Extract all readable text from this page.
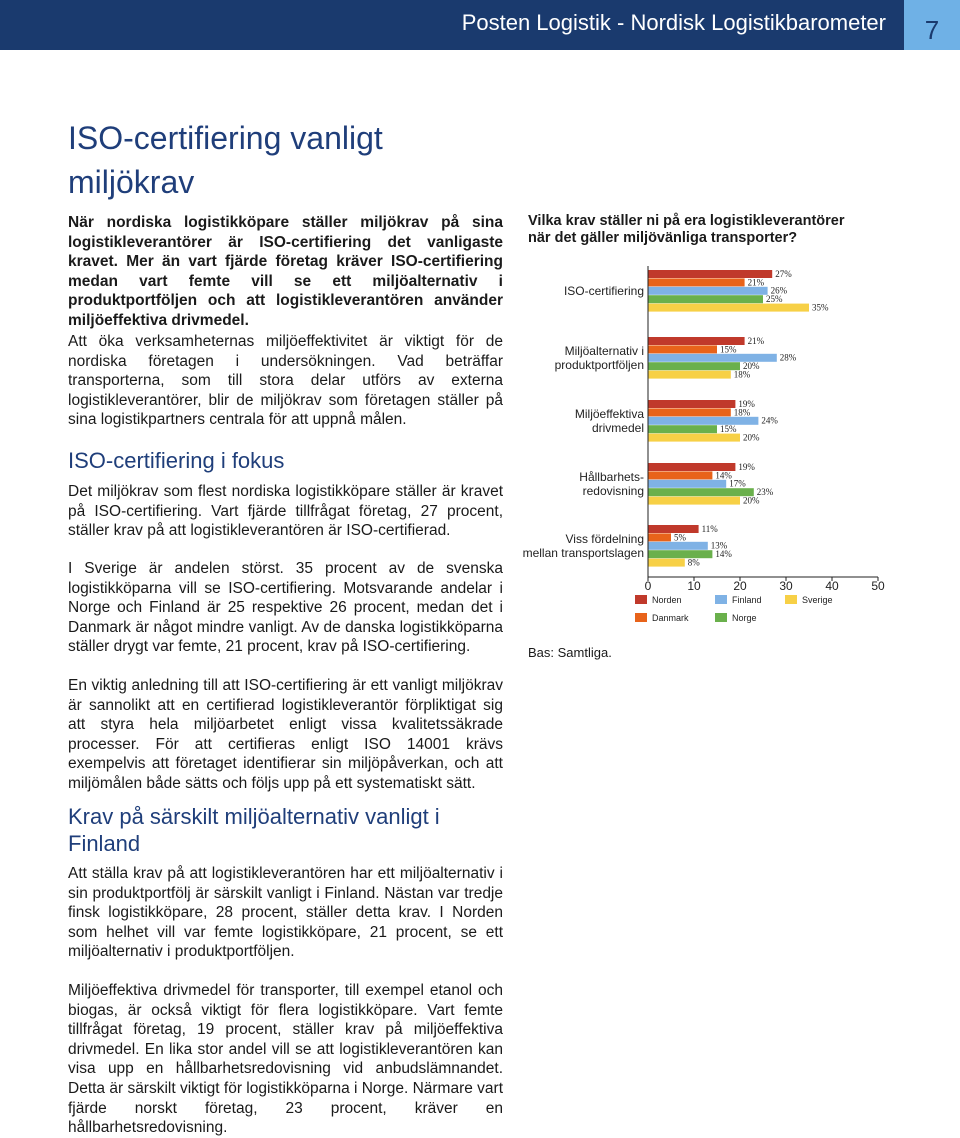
Posten Logistik - Nordisk Logistikbarometer	7
ISO-certifiering vanligt miljökrav

När nordiska logistikköpare ställer miljökrav på sina logistikleverantörer är ISO-certifiering det vanligaste kravet. Mer än vart fjärde företag kräver ISO-certifiering medan vart femte vill se ett miljöalternativ i produktportföljen och att logistikleverantören använder miljöeffektiva drivmedel.

Att öka verksamheternas miljöeffektivitet är viktigt för de nordiska företagen i undersökningen. Vad beträffar transporterna, som till stora delar utförs av externa logistikleverantörer, blir de miljökrav som företagen ställer på sina logistikpartners centrala för att uppnå målen.

ISO-certifiering i fokus

Det miljökrav som flest nordiska logistikköpare ställer är kravet på ISO-certifiering. Vart fjärde tillfrågat företag, 27 procent, ställer krav på att logistikleverantören är ISO-certifierad.

I Sverige är andelen störst. 35 procent av de svenska logistikköparna vill se ISO-certifiering. Motsvarande andelar i Norge och Finland är 25 respektive 26 procent, medan det i Danmark är något mindre vanligt. Av de danska logistikköparna ställer drygt var femte, 21 procent, krav på ISO-certifiering.

En viktig anledning till att ISO-certifiering är ett vanligt miljökrav är sannolikt att en certifierad logistikleverantör förpliktigat sig att styra hela miljöarbetet enligt vissa kvalitetssäkrade processer. För att certifieras enligt ISO 14001 krävs exempelvis att företaget identifierar sin miljöpåverkan, och att miljömålen både sätts och följs upp på ett systematiskt sätt.

Krav på särskilt miljöalternativ vanligt i Finland

Att ställa krav på att logistikleverantören har ett miljöalternativ i sin produktportfölj är särskilt vanligt i Finland. Nästan var tredje finsk logistikköpare, 28 procent, ställer detta krav. I Norden som helhet vill var femte logistikköpare, 21 procent, se ett miljöalternativ i produktportföljen.

Miljöeffektiva drivmedel för transporter, till exempel etanol och biogas, är också viktigt för flera logistikköpare. Vart femte tillfrågat företag, 19 procent, ställer krav på miljöeffektiva drivmedel. En lika stor andel vill se att logistikleverantören kan visa upp en hållbarhetsredovisning vid anbudslämnandet. Detta är särskilt viktigt för logistikköparna i Norge. Närmare vart fjärde norskt företag, 23 procent, kräver en hållbarhetsredovisning.

Vilka krav ställer ni på era logistikleverantörer när det gäller miljövänliga transporter?
ISO-certifiering
27%
21%
26%
25%
35%
Miljöalternativ i
produktportföljen
21%
15%
28%
20%
18%
Miljöeffektiva
drivmedel
19%
18%
24%
15%
20%
Hållbarhets-
redovisning
19%
14%
17%
23%
20%
Viss fördelning
mellan transportslagen
11%
5%
13%
14%
8%
0	10	20	30	40	50
Norden	Finland	Sverige
Danmark	Norge
Bas: Samtliga.
